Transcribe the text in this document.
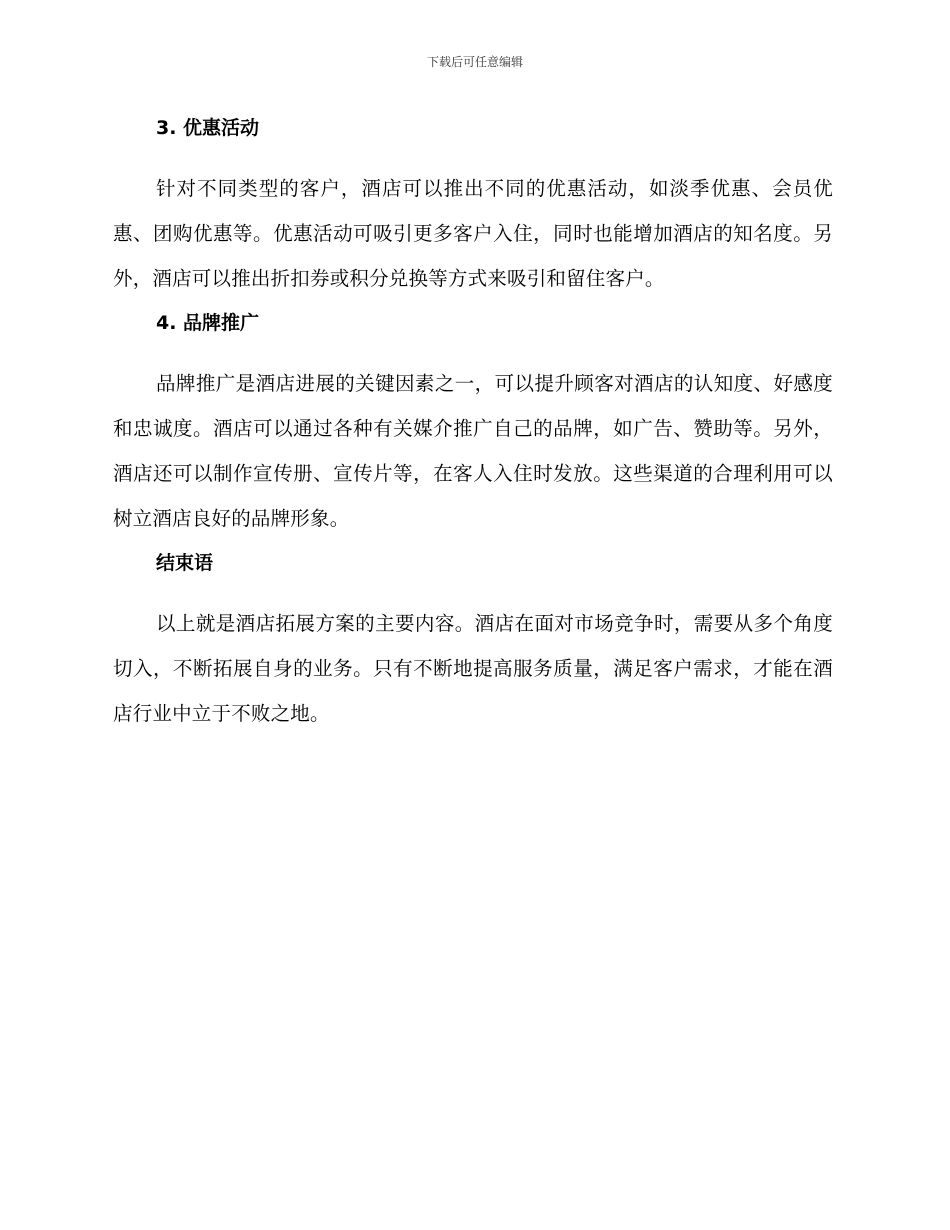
下载后可任意编辑
3. 优惠活动

针对不同类型的客户，酒店可以推出不同的优惠活动，如淡季优惠、会员优惠、团购优惠等。优惠活动可吸引更多客户入住，同时也能增加酒店的知名度。另外，酒店可以推出折扣券或积分兑换等方式来吸引和留住客户。

4. 品牌推广

品牌推广是酒店进展的关键因素之一，可以提升顾客对酒店的认知度、好感度和忠诚度。酒店可以通过各种有关媒介推广自己的品牌，如广告、赞助等。另外，酒店还可以制作宣传册、宣传片等，在客人入住时发放。这些渠道的合理利用可以树立酒店良好的品牌形象。

结束语

以上就是酒店拓展方案的主要内容。酒店在面对市场竞争时，需要从多个角度切入，不断拓展自身的业务。只有不断地提高服务质量，满足客户需求，才能在酒店行业中立于不败之地。
